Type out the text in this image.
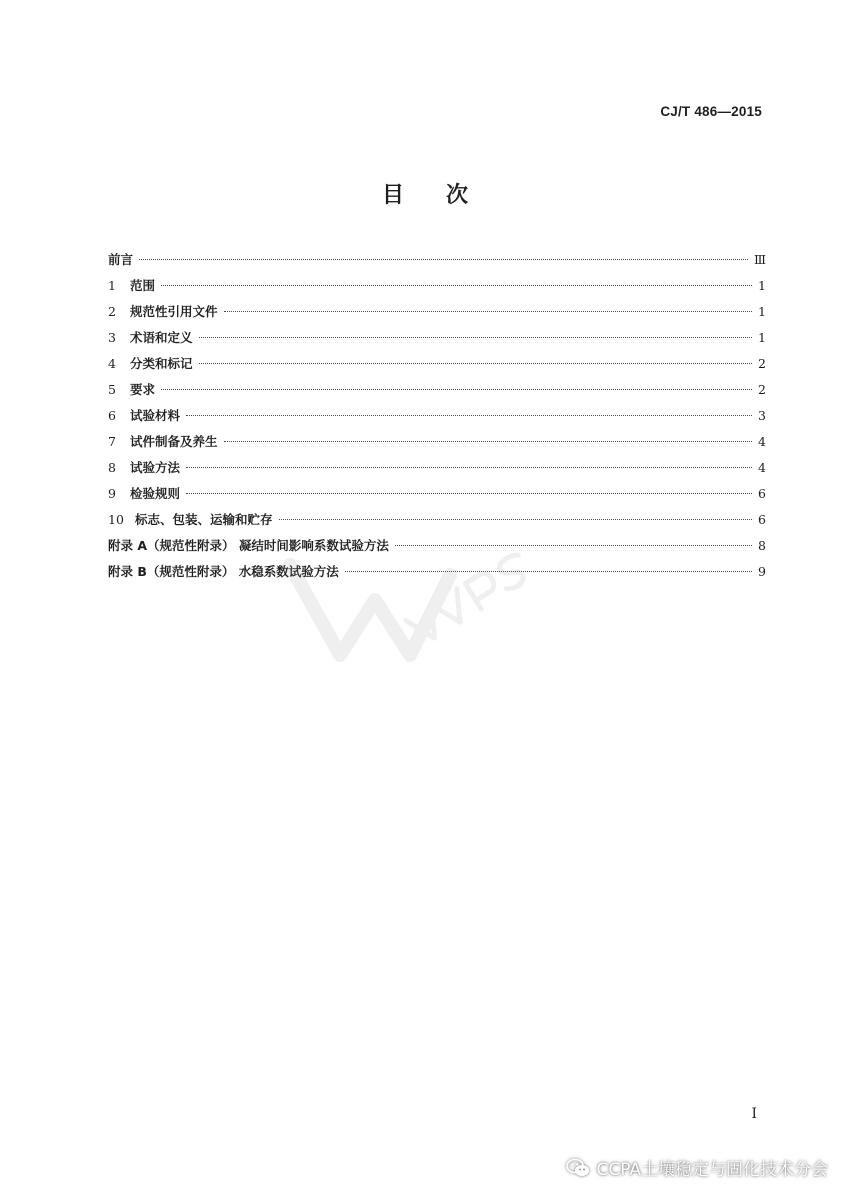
CJ/T 486—2015
目 次
前言	Ⅲ
1	范围	1
2	规范性引用文件	1
3	术语和定义	1
4	分类和标记	2
5	要求	2
6	试验材料	3
7	试件制备及养生	4
8	试验方法	4
9	检验规则	6
10 标志、包装、运输和贮存	6
附录 A（规范性附录） 凝结时间影响系数试验方法	8
附录 B（规范性附录） 水稳系数试验方法	9
I
CCPA土壤稳定与固化技术分会
